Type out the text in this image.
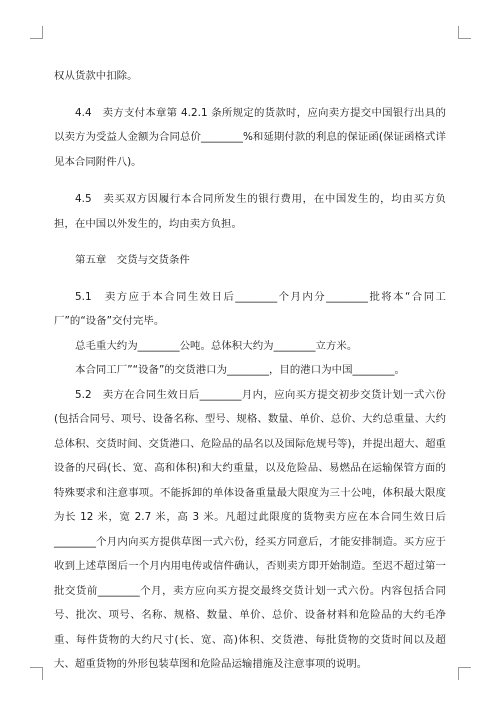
权从货款中扣除。

4.4　卖方支付本章第 4.2.1 条所规定的货款时，应向卖方提交中国银行出具的以卖方为受益人金额为合同总价________%和延期付款的利息的保证函(保证函格式详见本合同附件八)。

4.5　卖买双方因履行本合同所发生的银行费用，在中国发生的，均由买方负担，在中国以外发生的，均由卖方负担。

第五章　交货与交货条件

5.1　卖方应于本合同生效日后________个月内分________批将本“合同工厂”的“设备”交付完毕。

总毛重大约为________公吨。总体积大约为________立方米。

本合同工厂”“设备”的交货港口为________，目的港口为中国________。

5.2　卖方在合同生效日后________月内，应向买方提交初步交货计划一式六份(包括合同号、项号、设备名称、型号、规格、数量、单价、总价、大约总重量、大约总体积、交货时间、交货港口、危险品的品名以及国际危规号等)，并提出超大、超重设备的尺码(长、宽、高和体积)和大约重量，以及危险品、易燃品在运输保管方面的特殊要求和注意事项。不能拆卸的单体设备重量最大限度为三十公吨，体积最大限度为长 12 米，宽 2.7 米，高 3 米。凡超过此限度的货物卖方应在本合同生效日后________个月内向买方提供草图一式六份，经买方同意后，才能安排制造。买方应于收到上述草图后一个月内用电传或信件确认，否则卖方即开始制造。至迟不超过第一批交货前________个月，卖方应向买方提交最终交货计划一式六份。内容包括合同号、批次、项号、名称、规格、数量、单价、总价、设备材料和危险品的大约毛净重、每件货物的大约尺寸(长、宽、高)体积、交货港、每批货物的交货时间以及超大、超重货物的外形包装草图和危险品运输措施及注意事项的说明。
